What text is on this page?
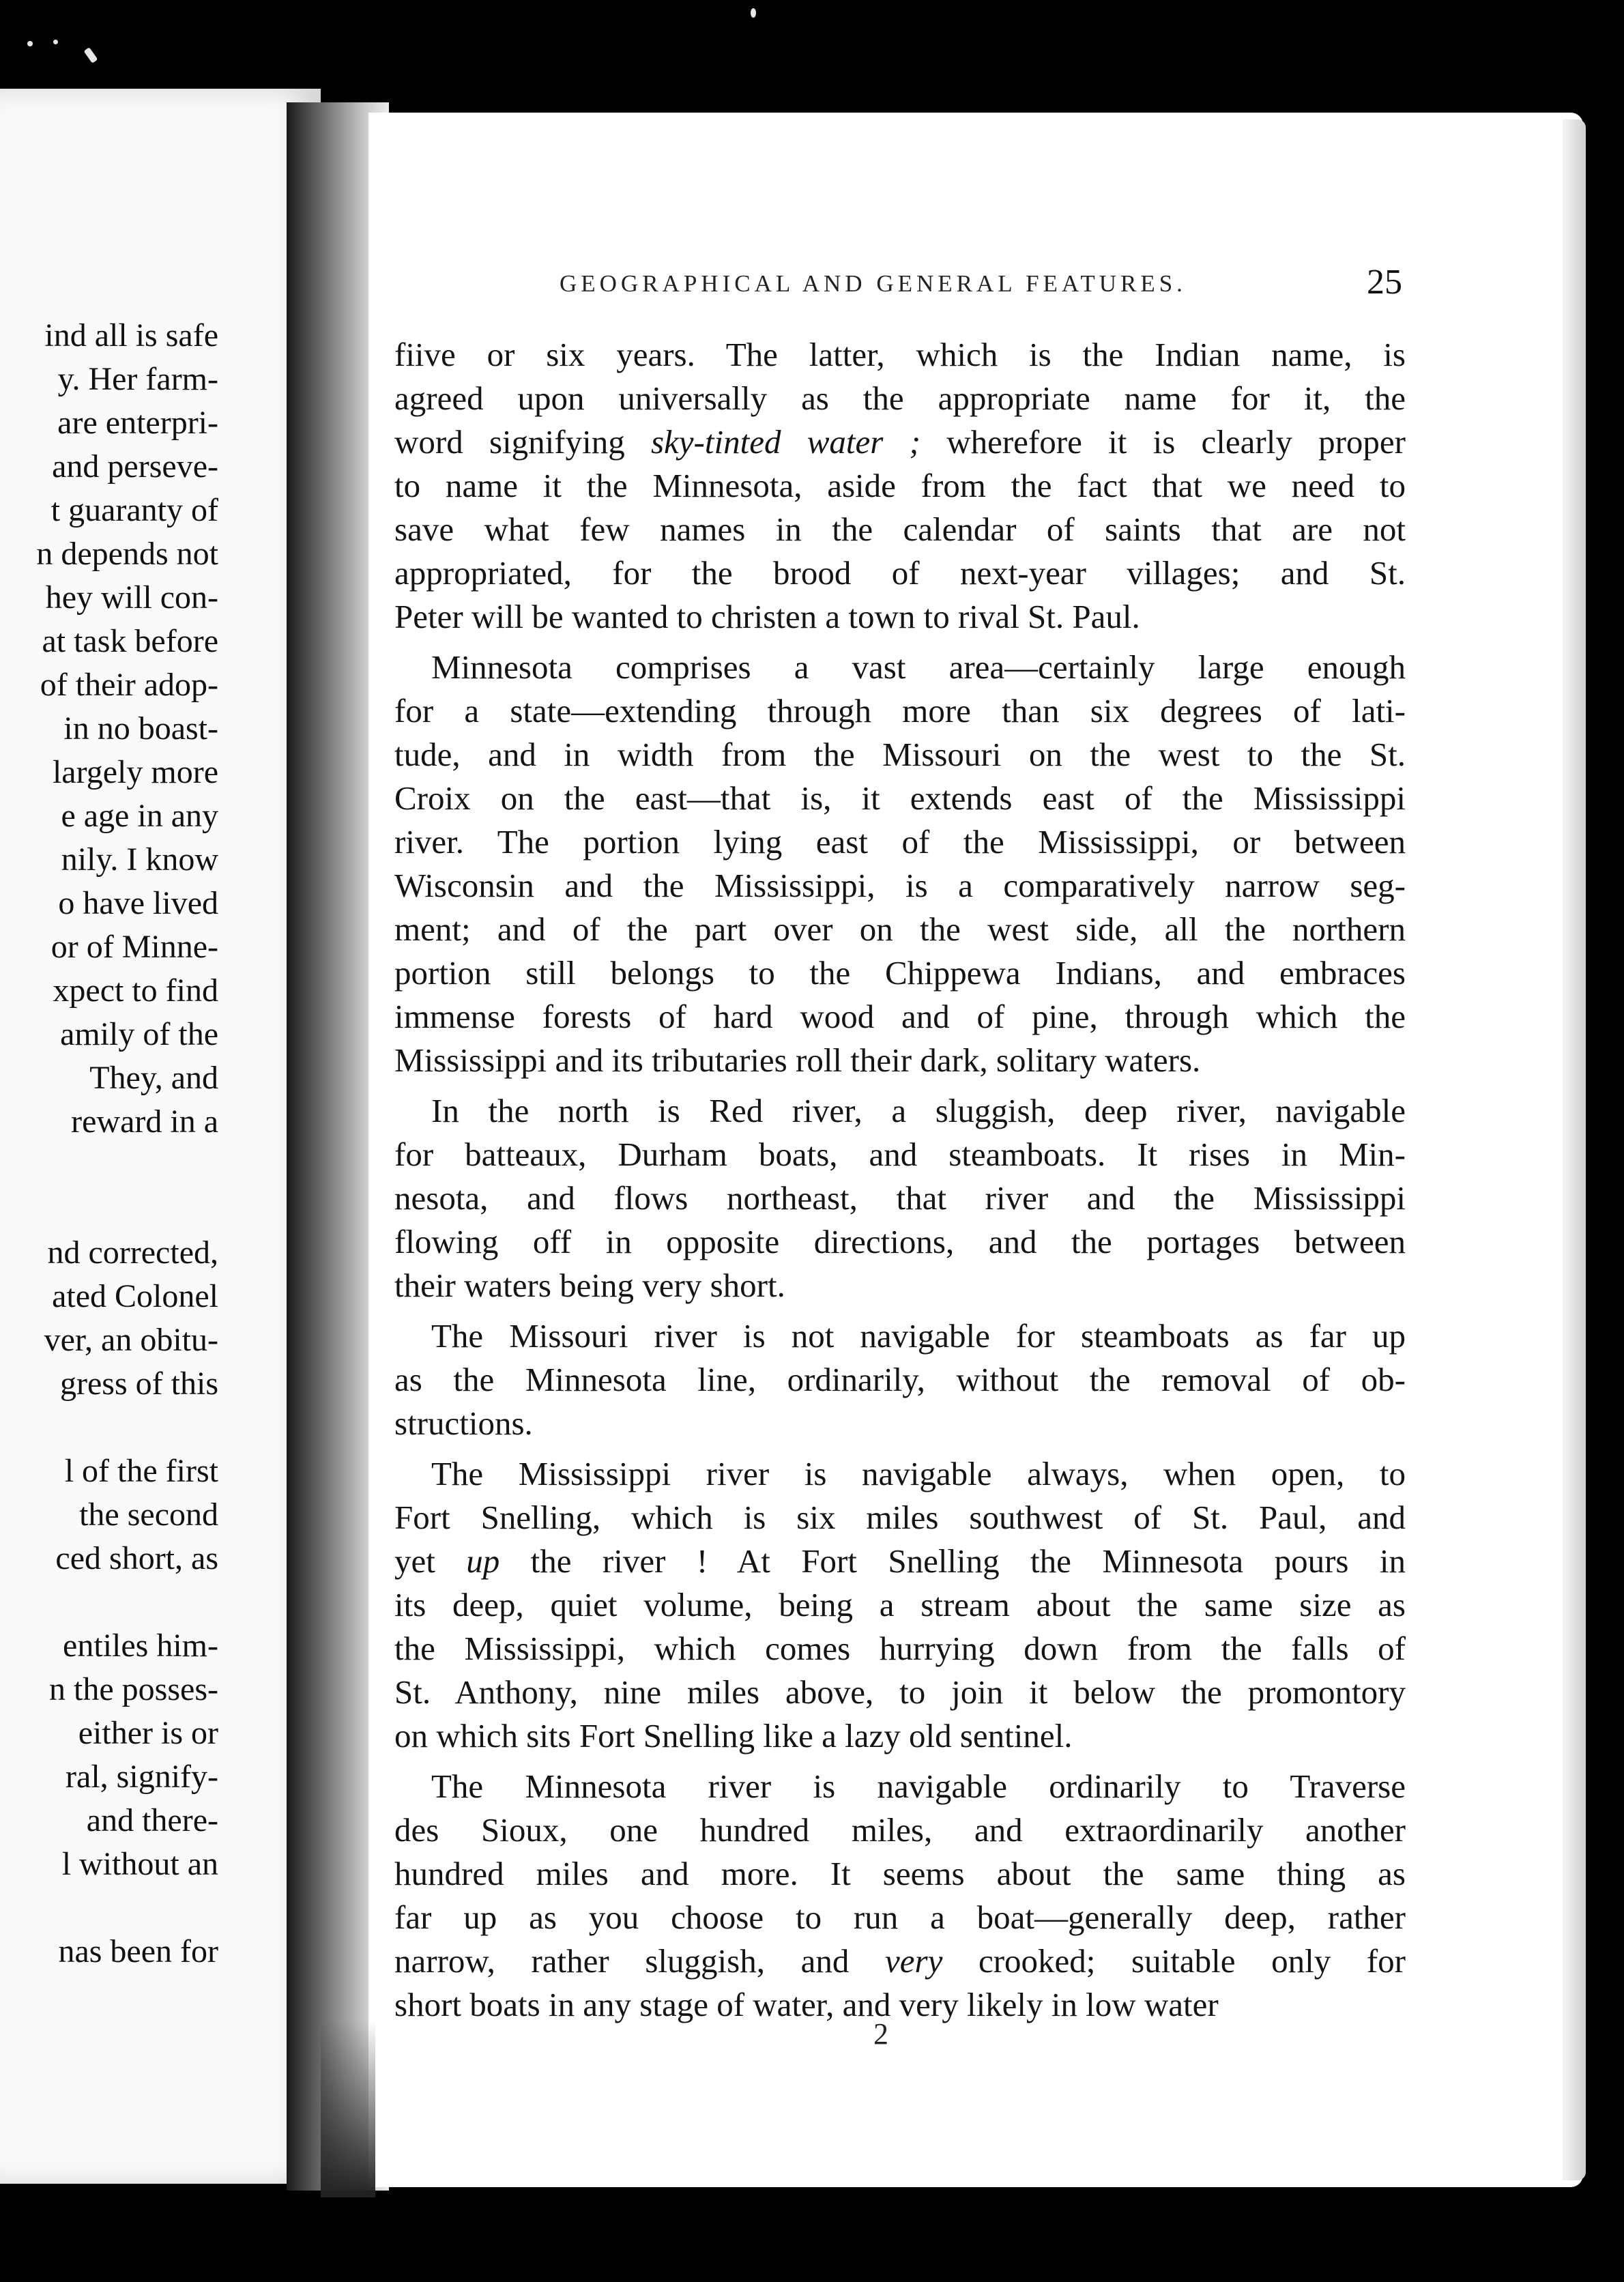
ind all is safe
y. Her farm-
are enterpri-
and perseve-
t guaranty of
n depends not
hey will con-
at task before
of their adop-
in no boast-
largely more
e age in any
nily. I know
o have lived
or of Minne-
xpect to find
amily of the
They, and
reward in a
nd corrected,
ated Colonel
ver, an obitu-
gress of this
l of the first
the second
ced short, as
entiles him-
n the posses-
either is or
ral, signify-
and there-
l without an
nas been for
GEOGRAPHICAL AND GENERAL FEATURES.	25
fiive or six years. The latter, which is the Indian name, is
agreed upon universally as the appropriate name for it, the
word signifying sky-tinted water ; wherefore it is clearly proper
to name it the Minnesota, aside from the fact that we need to
save what few names in the calendar of saints that are not
appropriated, for the brood of next-year villages; and St.
Peter will be wanted to christen a town to rival St. Paul.
Minnesota comprises a vast area—certainly large enough
for a state—extending through more than six degrees of lati-
tude, and in width from the Missouri on the west to the St.
Croix on the east—that is, it extends east of the Mississippi
river. The portion lying east of the Mississippi, or between
Wisconsin and the Mississippi, is a comparatively narrow seg-
ment; and of the part over on the west side, all the northern
portion still belongs to the Chippewa Indians, and embraces
immense forests of hard wood and of pine, through which the
Mississippi and its tributaries roll their dark, solitary waters.
In the north is Red river, a sluggish, deep river, navigable
for batteaux, Durham boats, and steamboats. It rises in Min-
nesota, and flows northeast, that river and the Mississippi
flowing off in opposite directions, and the portages between
their waters being very short.
The Missouri river is not navigable for steamboats as far up
as the Minnesota line, ordinarily, without the removal of ob-
structions.
The Mississippi river is navigable always, when open, to
Fort Snelling, which is six miles southwest of St. Paul, and
yet up the river ! At Fort Snelling the Minnesota pours in
its deep, quiet volume, being a stream about the same size as
the Mississippi, which comes hurrying down from the falls of
St. Anthony, nine miles above, to join it below the promontory
on which sits Fort Snelling like a lazy old sentinel.
The Minnesota river is navigable ordinarily to Traverse
des Sioux, one hundred miles, and extraordinarily another
hundred miles and more. It seems about the same thing as
far up as you choose to run a boat—generally deep, rather
narrow, rather sluggish, and very crooked; suitable only for
short boats in any stage of water, and very likely in low water
2
